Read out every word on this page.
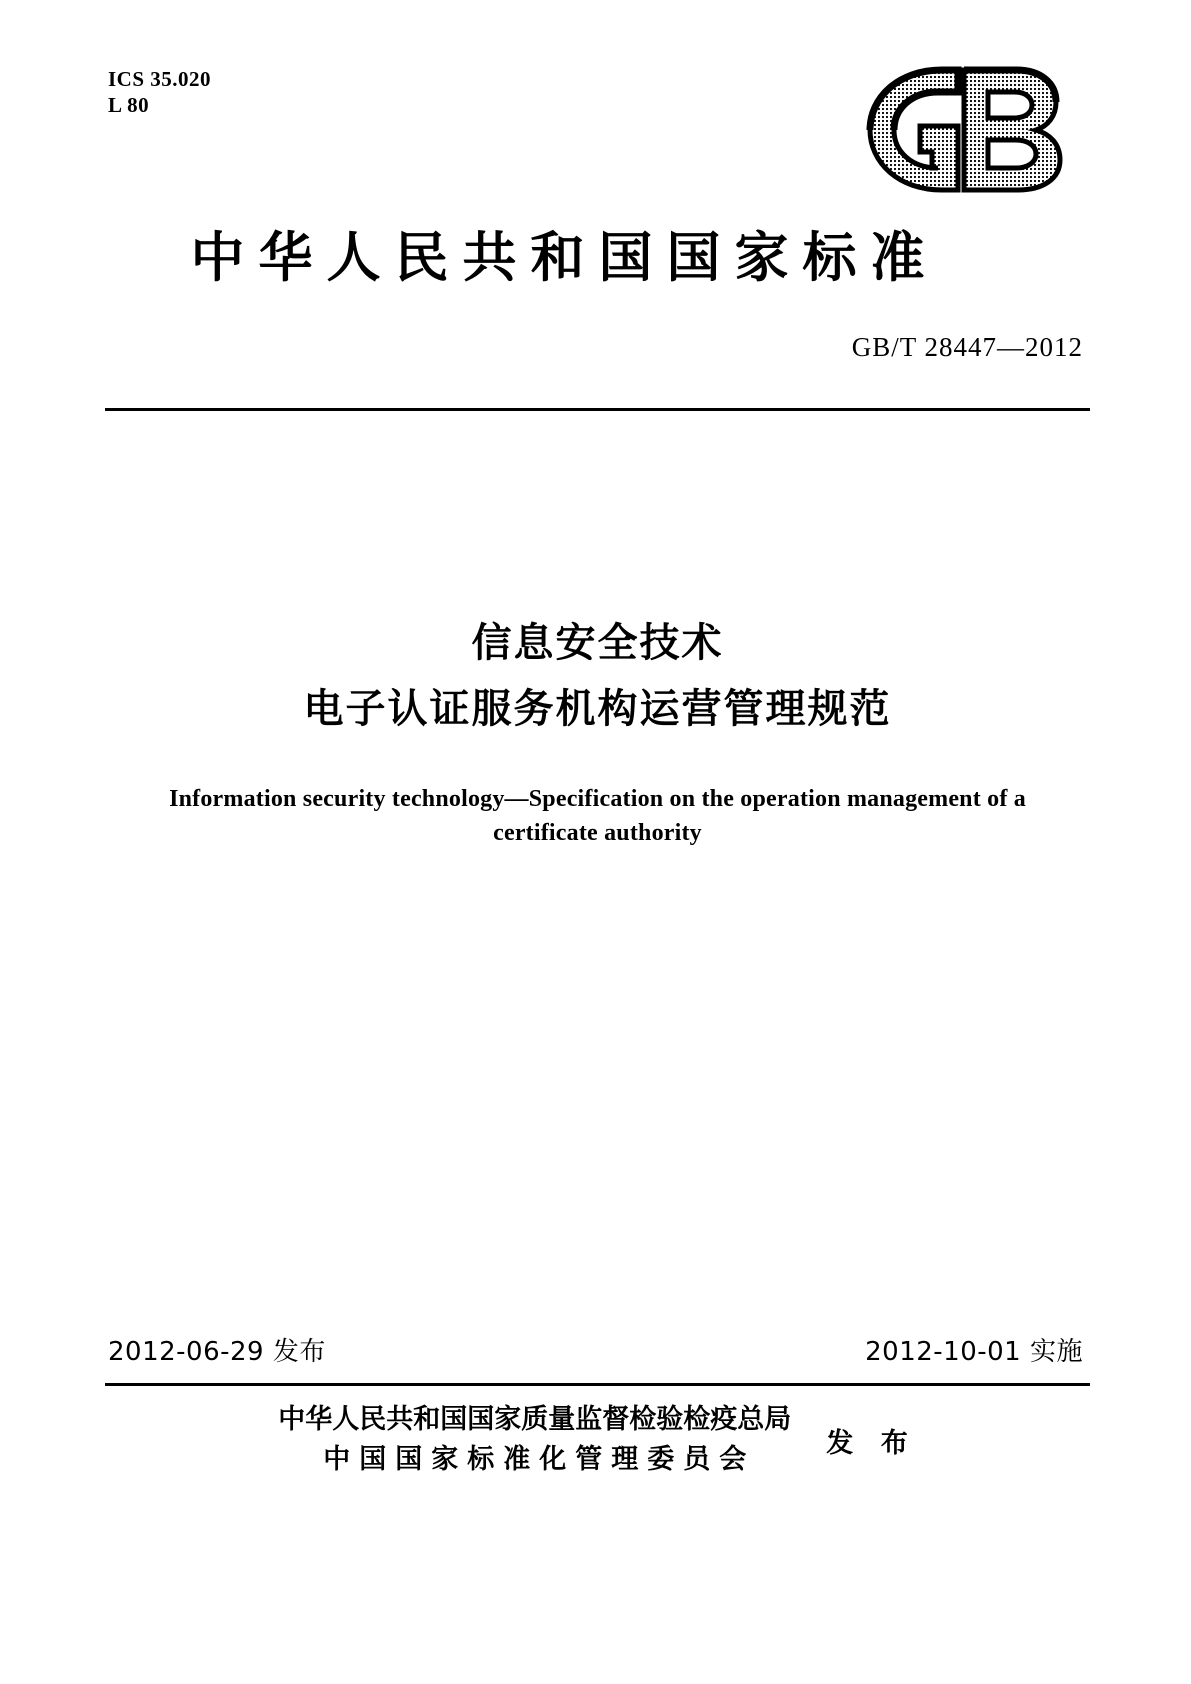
ICS 35.020
L 80
中华人民共和国国家标准
GB/T 28447—2012
信息安全技术
电子认证服务机构运营管理规范
Information security technology—Specification on the operation management of a
certificate authority
2012-06-29 发布	2012-10-01 实施
中华人民共和国国家质量监督检验检疫总局
中国国家标准化管理委员会
发 布
